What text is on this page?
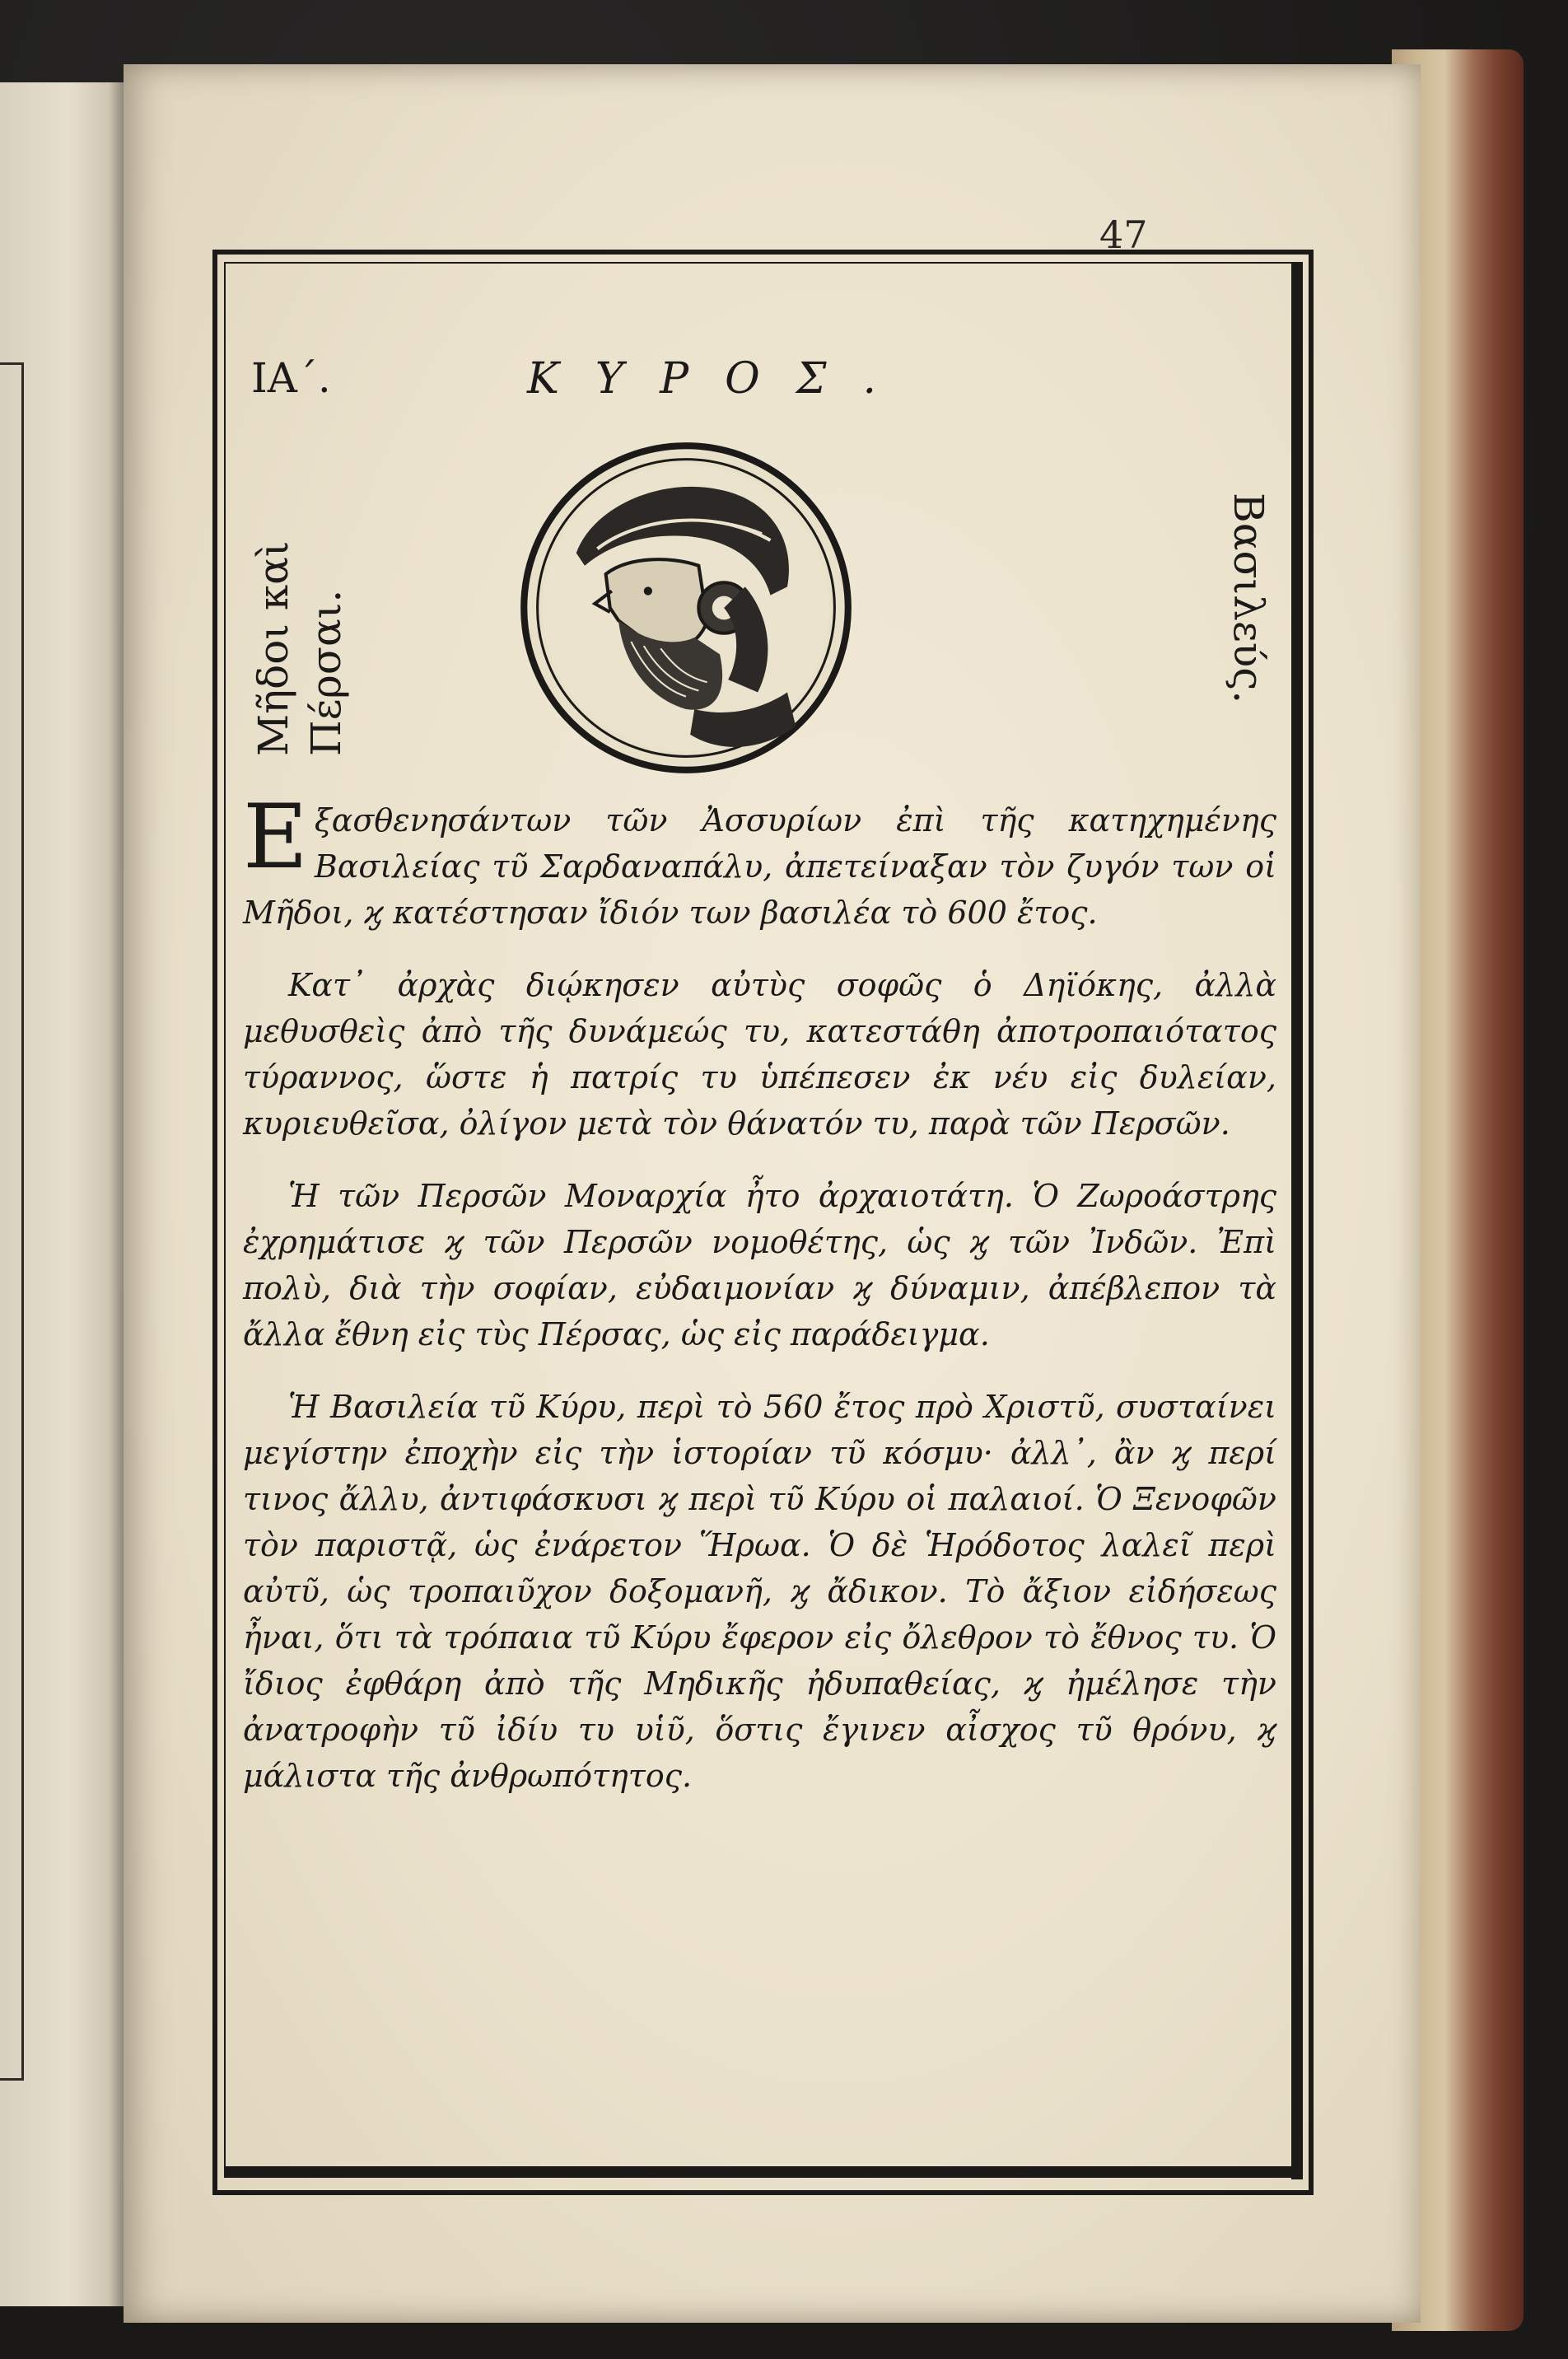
47
ΙΑ΄.	ΚΥΡΟΣ.
Μῆδοι καὶ Πέρσαι.	Βασιλεύς.

Εξασθενησάντων τῶν Ἀσσυρίων ἐπὶ τῆς κατηχημένης Βασιλείας τῦ Σαρδαναπάλυ, ἀπετείναξαν τὸν ζυγόν των οἱ Μῆδοι, ϗ κατέστησαν ἴδιόν των βασιλέα τὸ 600 ἔτος.

Κατ᾽ ἀρχὰς διῴκησεν αὐτὺς σοφῶς ὁ Δηϊόκης, ἀλλὰ μεθυσθεὶς ἀπὸ τῆς δυνάμεώς τυ, κατεστάθη ἀποτροπαιότατος τύραννος, ὥστε ἡ πατρίς τυ ὑπέπεσεν ἐκ νέυ εἰς δυλείαν, κυριευθεῖσα, ὀλίγον μετὰ τὸν θάνατόν τυ, παρὰ τῶν Περσῶν.

Ἡ τῶν Περσῶν Μοναρχία ἦτο ἀρχαιοτάτη. Ὁ Ζωροάστρης ἐχρημάτισε ϗ τῶν Περσῶν νομοθέτης, ὡς ϗ τῶν Ἰνδῶν. Ἐπὶ πολὺ, διὰ τὴν σοφίαν, εὐδαιμονίαν ϗ δύναμιν, ἀπέβλεπον τὰ ἄλλα ἔθνη εἰς τὺς Πέρσας, ὡς εἰς παράδειγμα.

Ἡ Βασιλεία τῦ Κύρυ, περὶ τὸ 560 ἔτος πρὸ Χριστῦ, συσταίνει μεγίστην ἐποχὴν εἰς τὴν ἱστορίαν τῦ κόσμυ· ἀλλ᾽, ἂν ϗ περί τινος ἄλλυ, ἀντιφάσκυσι ϗ περὶ τῦ Κύρυ οἱ παλαιοί. Ὁ Ξενοφῶν τὸν παριστᾷ, ὡς ἐνάρετον Ἥρωα. Ὁ δὲ Ἡρόδοτος λαλεῖ περὶ αὐτῦ, ὡς τροπαιῦχον δοξομανῆ, ϗ ἄδικον. Τὸ ἄξιον εἰδήσεως ἦναι, ὅτι τὰ τρόπαια τῦ Κύρυ ἔφερον εἰς ὄλεθρον τὸ ἔθνος τυ. Ὁ ἴδιος ἐφθάρη ἀπὸ τῆς Μηδικῆς ἠδυπαθείας, ϗ ἠμέλησε τὴν ἀνατροφὴν τῦ ἰδίυ τυ υἱῦ, ὅστις ἔγινεν αἶσχος τῦ θρόνυ, ϗ μάλιστα τῆς ἀνθρωπότητος.
